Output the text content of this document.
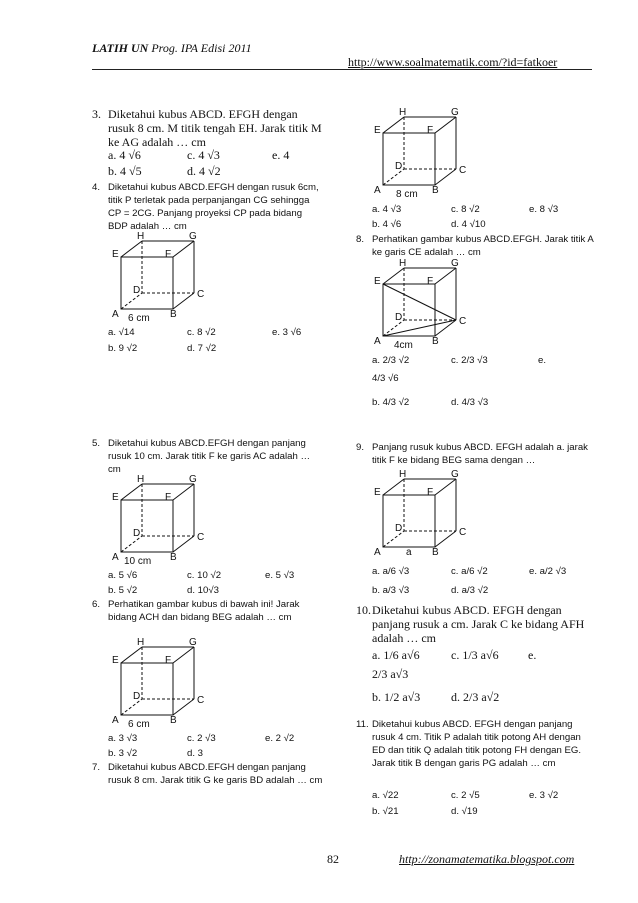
LATIH UN Prog. IPA Edisi 2011
http://www.soalmatematik.com/?id=fatkoer
3. Diketahui kubus ABCD. EFGH dengan rusuk 8 cm. M titik tengah EH. Jarak titik M ke AG adalah … cm
a. 4 √6	c. 4 √3	e. 4
b. 4 √5	d. 4 √2
4. Diketahui kubus ABCD.EFGH dengan rusuk 6cm, titik P terletak pada perpanjangan CG sehingga CP = 2CG. Panjang proyeksi CP pada bidang BDP adalah … cm
H	G
E	F
D	C
A	B
6 cm
a. √14	c. 8 √2	e. 3 √6
b. 9 √2	d. 7 √2
5. Diketahui kubus ABCD.EFGH dengan panjang rusuk 10 cm. Jarak titik F ke garis AC adalah … cm
H	G
E	F
D	C
A	B
10 cm
a. 5 √6	c. 10 √2	e. 5 √3
b. 5 √2	d. 10√3
6. Perhatikan gambar kubus di bawah ini! Jarak bidang ACH dan bidang BEG adalah … cm
H	G
E	F
D	C
A	B
6 cm
a. 3 √3	c. 2 √3	e. 2 √2
b. 3 √2	d. 3
7. Diketahui kubus ABCD.EFGH dengan panjang rusuk 8 cm. Jarak titik G ke garis BD adalah … cm
H	G
E	F
D	C
A	B
8 cm
a. 4 √3	c. 8 √2	e. 8 √3
b. 4 √6	d. 4 √10
8. Perhatikan gambar kubus ABCD.EFGH. Jarak titik A ke garis CE adalah … cm
H	G
E	F
D	C
A	B
4cm
a. 2/3 √2	c. 2/3 √3	e.
4/3 √6
b. 4/3 √2	d. 4/3 √3
9. Panjang rusuk kubus ABCD. EFGH adalah a. jarak titik F ke bidang BEG sama dengan …
H	G
E	F
D	C
A	B
a
a. a/6 √3	c. a/6 √2	e. a/2 √3
b. a/3 √3	d. a/3 √2
10. Diketahui kubus ABCD. EFGH dengan panjang rusuk a cm. Jarak C ke bidang AFH adalah … cm
a. 1/6 a√6	c. 1/3 a√6 e.
2/3 a√3
b. 1/2 a√3	d. 2/3 a√2
11. Diketahui kubus ABCD. EFGH dengan panjang rusuk 4 cm. Titik P adalah titik potong AH dengan ED dan titik Q adalah titik potong FH dengan EG. Jarak titik B dengan garis PG adalah … cm
a. √22	c. 2 √5	e. 3 √2
b. √21	d. √19
82	http://zonamatematika.blogspot.com
